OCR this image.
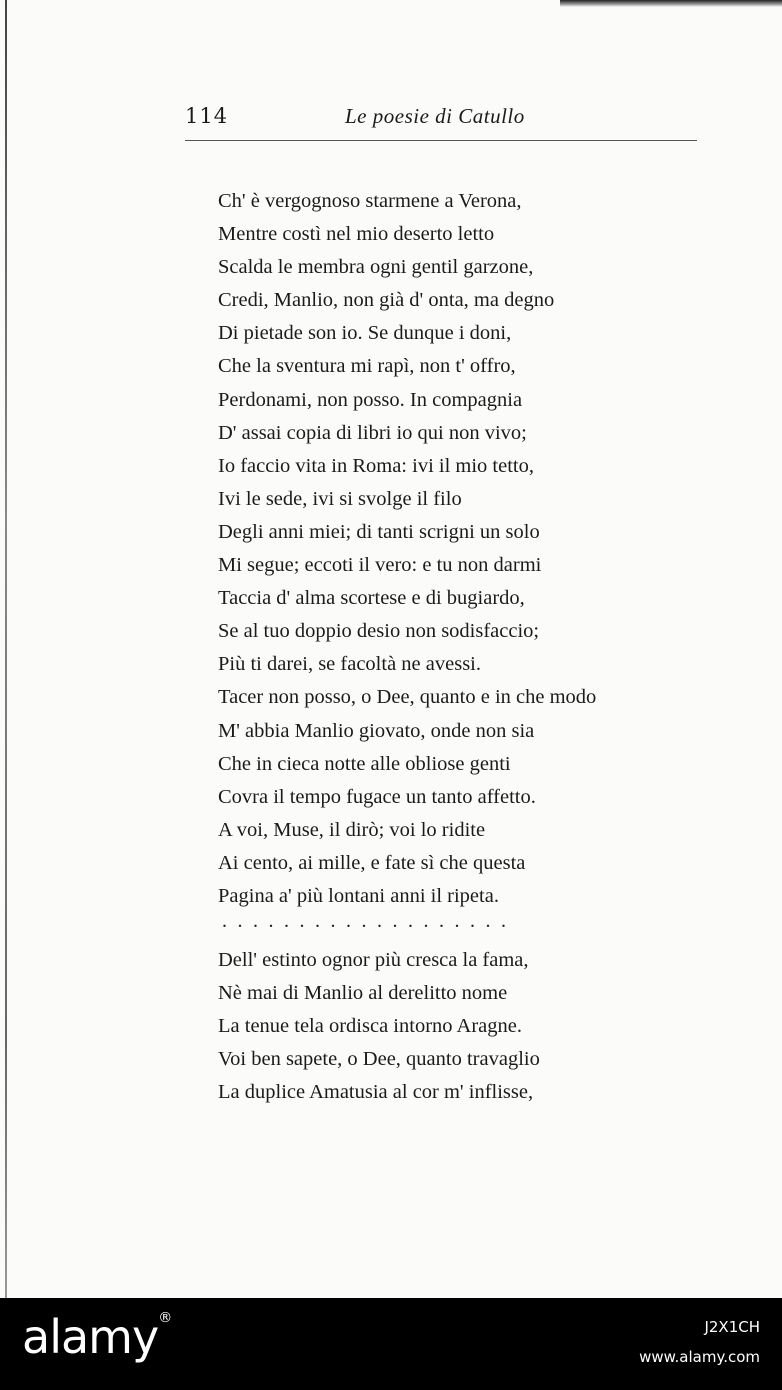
114	Le poesie di Catullo
Ch' è vergognoso starmene a Verona,
Mentre costì nel mio deserto letto
Scalda le membra ogni gentil garzone,
Credi, Manlio, non già d' onta, ma degno
Di pietade son io. Se dunque i doni,
Che la sventura mi rapì, non t' offro,
Perdonami, non posso. In compagnia
D' assai copia di libri io qui non vivo;
Io faccio vita in Roma: ivi il mio tetto,
Ivi le sede, ivi si svolge il filo
Degli anni miei; di tanti scrigni un solo
Mi segue; eccoti il vero: e tu non darmi
Taccia d' alma scortese e di bugiardo,
Se al tuo doppio desio non sodisfaccio;
Più ti darei, se facoltà ne avessi.
Tacer non posso, o Dee, quanto e in che modo
M' abbia Manlio giovato, onde non sia
Che in cieca notte alle obliose genti
Covra il tempo fugace un tanto affetto.
A voi, Muse, il dirò; voi lo ridite
Ai cento, ai mille, e fate sì che questa
Pagina a' più lontani anni il ripeta.
...................
Dell' estinto ognor più cresca la fama,
Nè mai di Manlio al derelitto nome
La tenue tela ordisca intorno Aragne.
Voi ben sapete, o Dee, quanto travaglio
La duplice Amatusia al cor m' inflisse,
alamy®	J2X1CH
www.alamy.com
